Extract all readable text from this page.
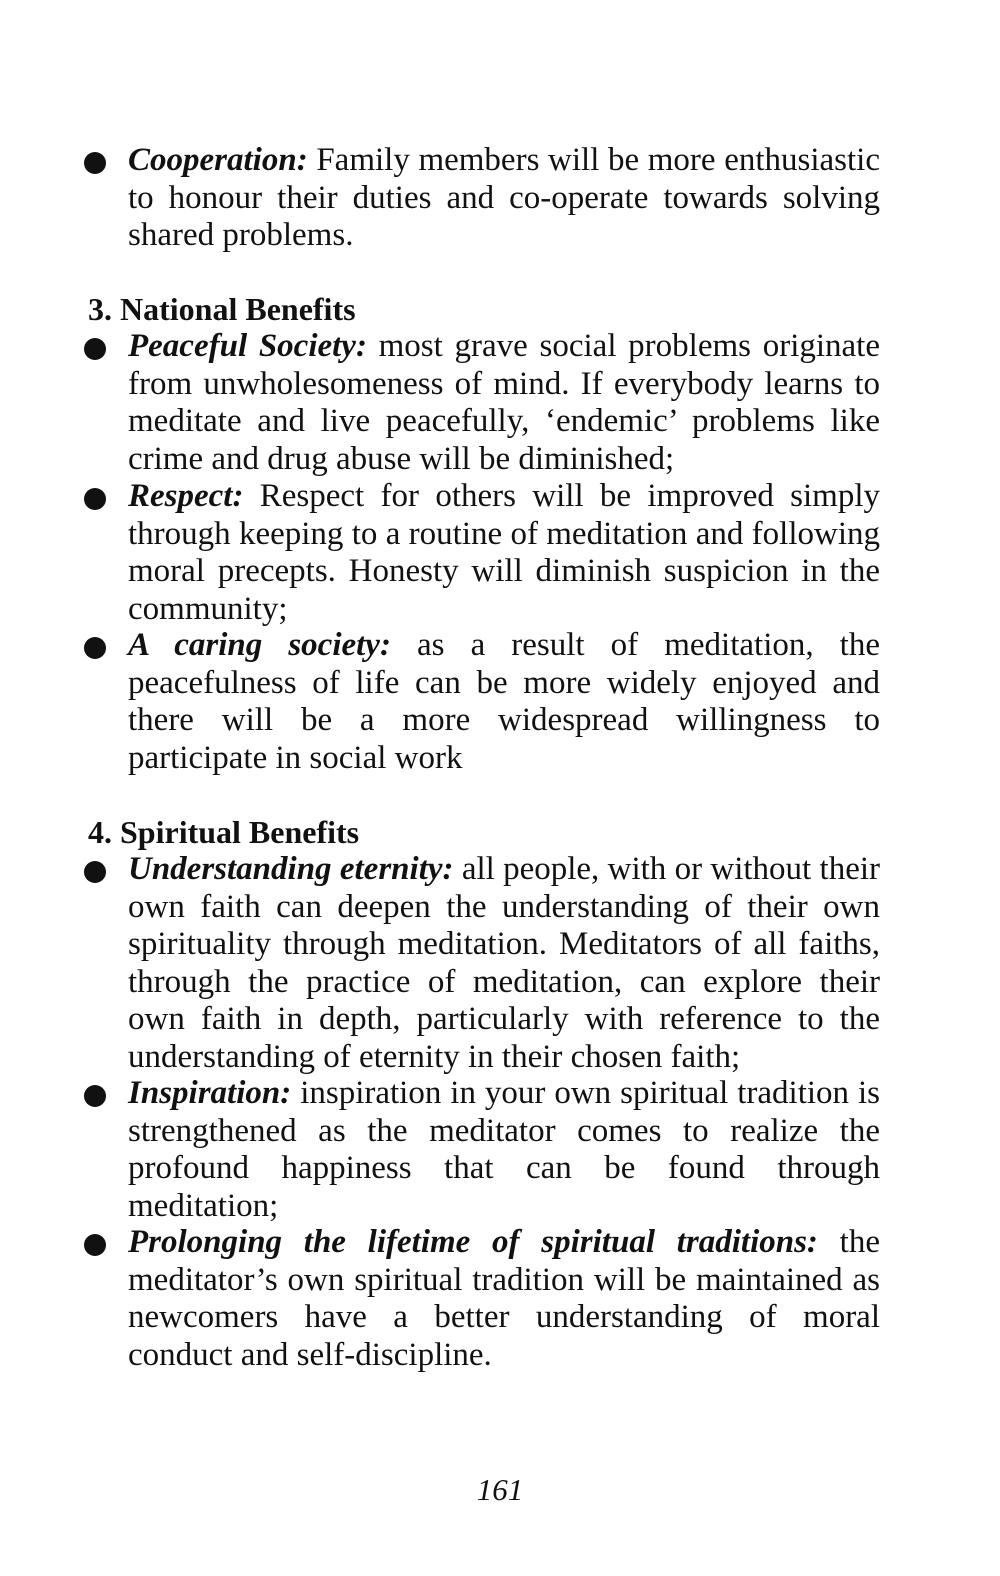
Cooperation: Family members will be more enthusiastic to honour their duties and co-operate towards solving shared problems.
3. National Benefits
Peaceful Society: most grave social problems originate from unwholesomeness of mind. If everybody learns to meditate and live peacefully, ‘endemic’ problems like crime and drug abuse will be diminished;
Respect: Respect for others will be improved simply through keeping to a routine of meditation and following moral precepts. Honesty will diminish suspicion in the community;
A caring society: as a result of meditation, the peacefulness of life can be more widely enjoyed and there will be a more widespread willingness to participate in social work
4. Spiritual Benefits
Understanding eternity: all people, with or without their own faith can deepen the understanding of their own spirituality through meditation. Meditators of all faiths, through the practice of meditation, can explore their own faith in depth, particularly with reference to the understanding of eternity in their chosen faith;
Inspiration: inspiration in your own spiritual tradition is strengthened as the meditator comes to realize the profound happiness that can be found through meditation;
Prolonging the lifetime of spiritual traditions: the meditator’s own spiritual tradition will be maintained as newcomers have a better understanding of moral conduct and self-discipline.
161
